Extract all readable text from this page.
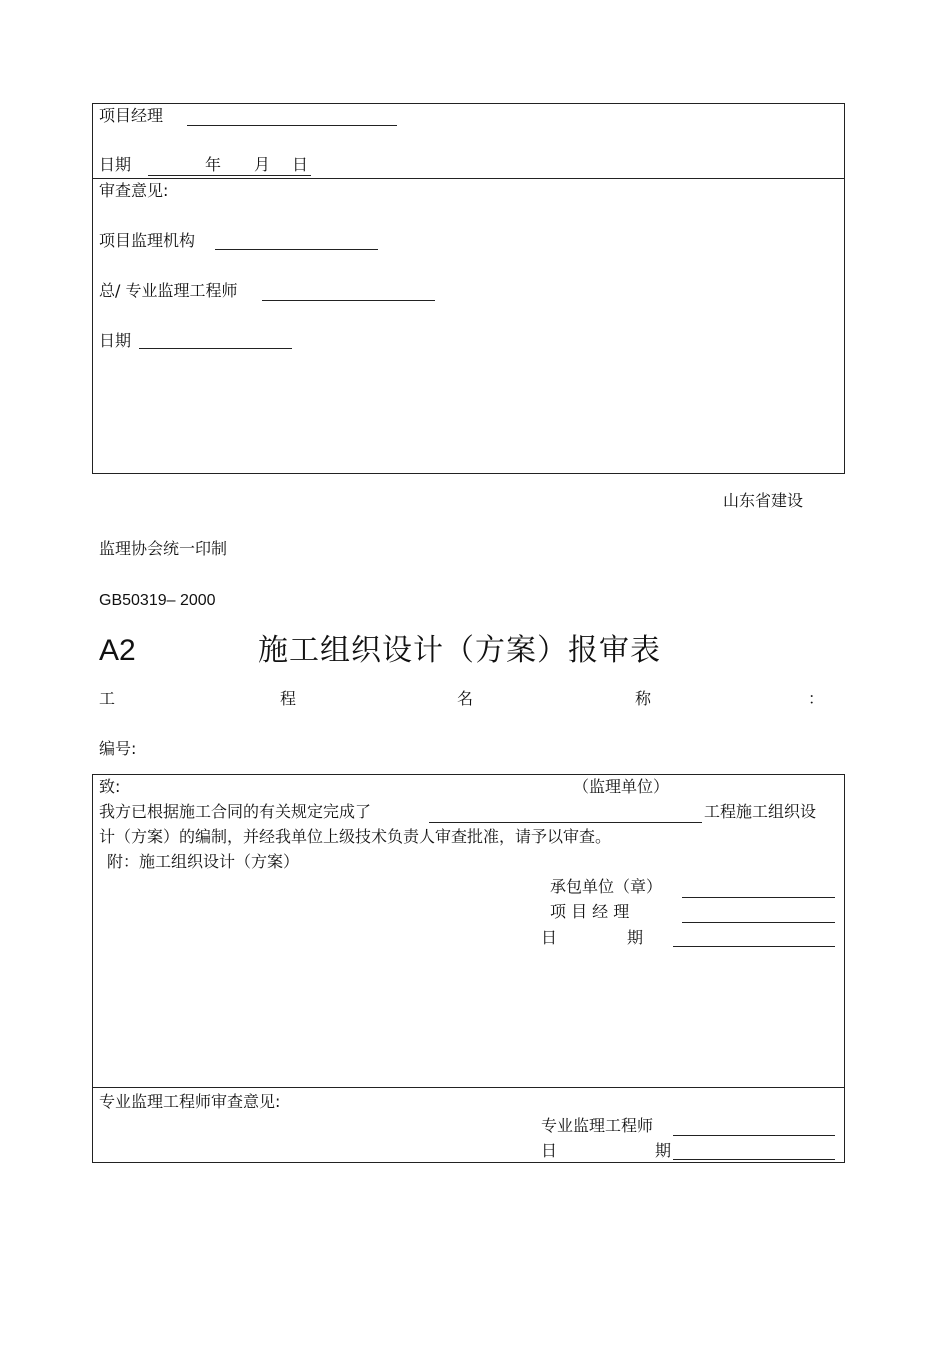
项目经理
日期	年 月 日
审查意见:
项目监理机构
总/ 专业监理工程师
日期
山东省建设
监理协会统一印制
GB50319– 2000
A2	施工组织设计（方案）报审表
工	程	名	称	：
编号:
致:	（监理单位）
我方已根据施工合同的有关规定完成了	工程施工组织设
计（方案）的编制，并经我单位上级技术负责人审查批准，请予以审查。
附：施工组织设计（方案）
承包单位（章）
项 目 经 理
日	期
专业监理工程师审查意见:
专业监理工程师
日	期
